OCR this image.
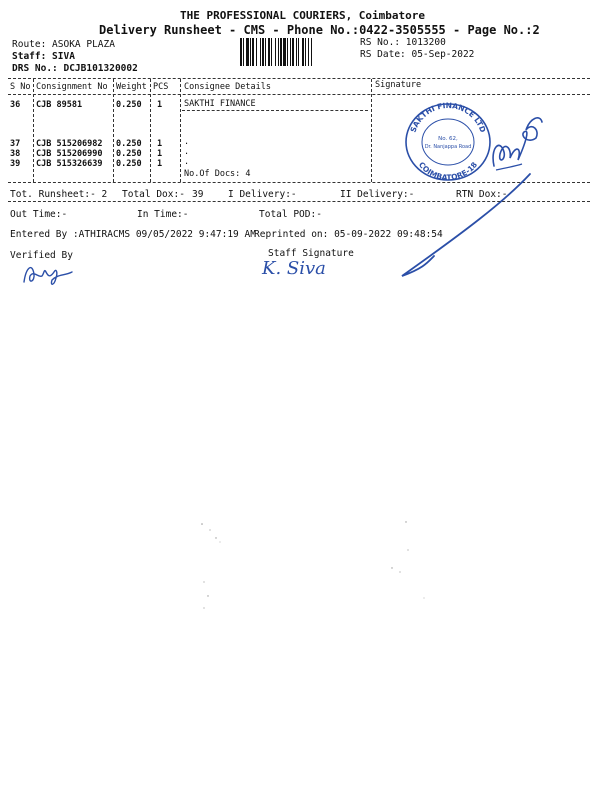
THE PROFESSIONAL COURIERS, Coimbatore
Delivery Runsheet - CMS - Phone No.:0422-3505555 - Page No.:2
Route: ASOKA PLAZA
Staff: SIVA
DRS No.: DCJB101320002
RS No.: 1013200
RS Date: 05-Sep-2022
S No Consignment No Weight PCS Consignee Details	Signature
36 CJB 89581	0.250 1	SAKTHI FINANCE
37 CJB 515206982 0.250 1	.
38 CJB 515206990 0.250 1	.
39 CJB 515326639 0.250 1	.
No.Of Docs: 4
SAKTHI FINANCE LTD
COIMBATORE-18
No. 62,
Dr. Nanjappa Road
Tot. Runsheet:- 2 Total Dox:- 39	I Delivery:-	II Delivery:-	RTN Dox:-
Out Time:-	In Time:-	Total POD:-
Entered By :ATHIRACMS 09/05/2022 9:47:19 AM
Reprinted on: 05-09-2022 09:48:54
Verified By	Staff Signature
K. Siva
